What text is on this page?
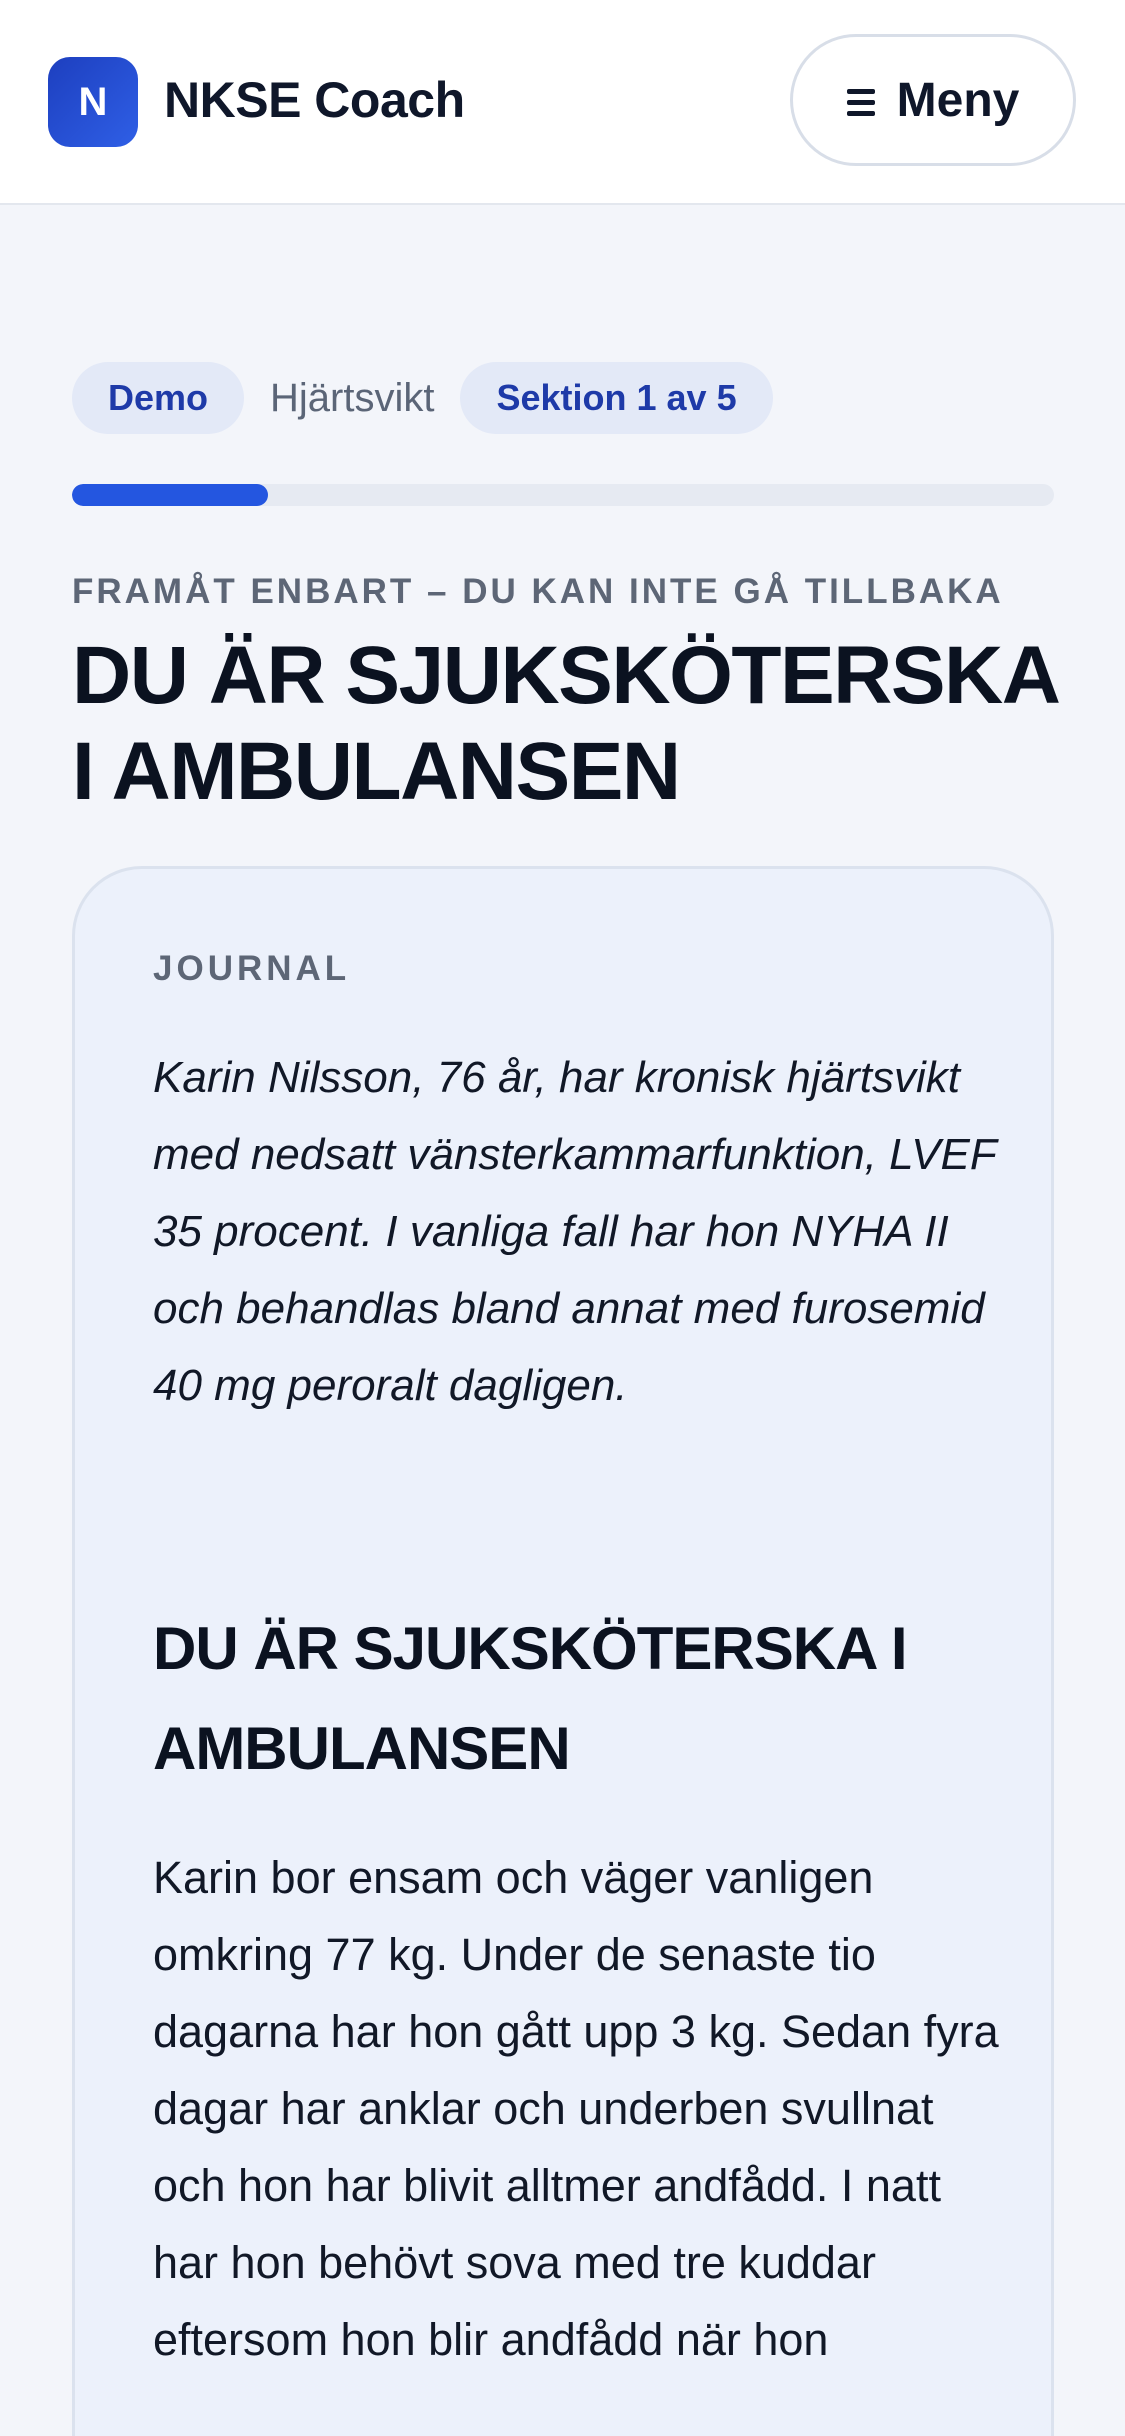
N NKSE Coach	Meny
Demo	Hjärtsvikt	Sektion 1 av 5
FRAMÅT ENBART – DU KAN INTE GÅ TILLBAKA
DU ÄR SJUKSKÖTERSKA I AMBULANSEN
JOURNAL

Karin Nilsson, 76 år, har kronisk hjärtsvikt med nedsatt vänsterkammarfunktion, LVEF 35 procent. I vanliga fall har hon NYHA II och behandlas bland annat med furosemid 40 mg peroralt dagligen.

DU ÄR SJUKSKÖTERSKA I AMBULANSEN

Karin bor ensam och väger vanligen omkring 77 kg. Under de senaste tio dagarna har hon gått upp 3 kg. Sedan fyra dagar har anklar och underben svullnat och hon har blivit alltmer andfådd. I natt har hon behövt sova med tre kuddar eftersom hon blir andfådd när hon
